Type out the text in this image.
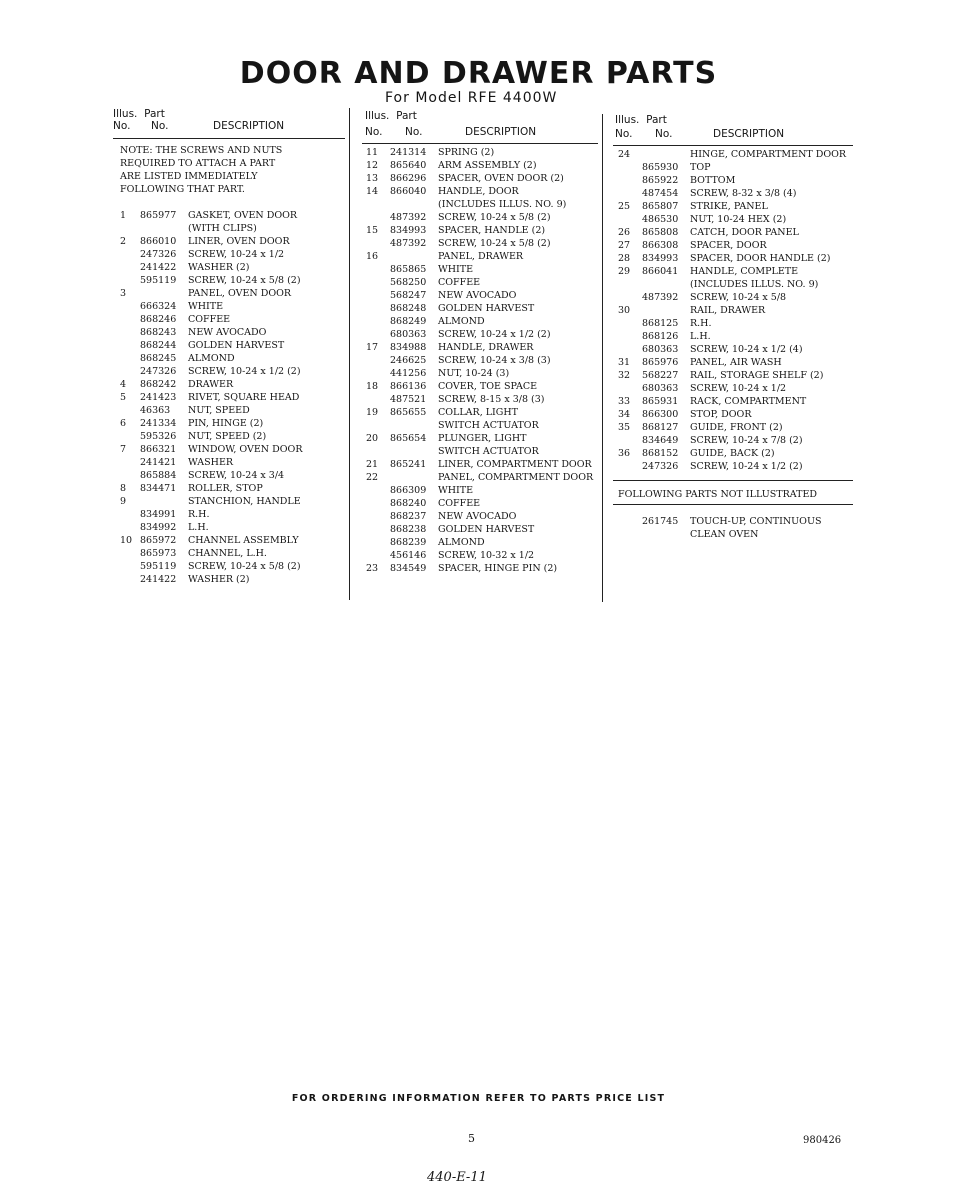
DOOR AND DRAWER PARTS
For Model RFE 4400W
Illus. Part
No. No.	DESCRIPTION
NOTE: THE SCREWS AND NUTS
REQUIRED TO ATTACH A PART
ARE LISTED IMMEDIATELY
FOLLOWING THAT PART.
1 865977 GASKET, OVEN DOOR
(WITH CLIPS)
2 866010 LINER, OVEN DOOR
247326 SCREW, 10-24 x 1/2
241422 WASHER (2)
595119 SCREW, 10-24 x 5/8 (2)
3	PANEL, OVEN DOOR
666324 WHITE
868246 COFFEE
868243 NEW AVOCADO
868244 GOLDEN HARVEST
868245 ALMOND
247326 SCREW, 10-24 x 1/2 (2)
4 868242 DRAWER
5 241423 RIVET, SQUARE HEAD
46363 NUT, SPEED
6 241334 PIN, HINGE (2)
595326 NUT, SPEED (2)
7 866321 WINDOW, OVEN DOOR
241421 WASHER
865884 SCREW, 10-24 x 3/4
8 834471 ROLLER, STOP
9	STANCHION, HANDLE
834991 R.H.
834992 L.H.
10 865972 CHANNEL ASSEMBLY
865973 CHANNEL, L.H.
595119 SCREW, 10-24 x 5/8 (2)
241422 WASHER (2)
Illus. Part
No. No.	DESCRIPTION
11 241314 SPRING (2)
12 865640 ARM ASSEMBLY (2)
13 866296 SPACER, OVEN DOOR (2)
14 866040 HANDLE, DOOR
(INCLUDES ILLUS. NO. 9)
487392 SCREW, 10-24 x 5/8 (2)
15 834993 SPACER, HANDLE (2)
487392 SCREW, 10-24 x 5/8 (2)
16	PANEL, DRAWER
865865 WHITE
568250 COFFEE
568247 NEW AVOCADO
868248 GOLDEN HARVEST
868249 ALMOND
680363 SCREW, 10-24 x 1/2 (2)
17 834988 HANDLE, DRAWER
246625 SCREW, 10-24 x 3/8 (3)
441256 NUT, 10-24 (3)
18 866136 COVER, TOE SPACE
487521 SCREW, 8-15 x 3/8 (3)
19 865655 COLLAR, LIGHT
SWITCH ACTUATOR
20 865654 PLUNGER, LIGHT
SWITCH ACTUATOR
21 865241 LINER, COMPARTMENT DOOR
22	PANEL, COMPARTMENT DOOR
866309 WHITE
868240 COFFEE
868237 NEW AVOCADO
868238 GOLDEN HARVEST
868239 ALMOND
456146 SCREW, 10-32 x 1/2
23 834549 SPACER, HINGE PIN (2)
Illus. Part
No. No.	DESCRIPTION
24	HINGE, COMPARTMENT DOOR
865930 TOP
865922 BOTTOM
487454 SCREW, 8-32 x 3/8 (4)
25 865807 STRIKE, PANEL
486530 NUT, 10-24 HEX (2)
26 865808 CATCH, DOOR PANEL
27 866308 SPACER, DOOR
28 834993 SPACER, DOOR HANDLE (2)
29 866041 HANDLE, COMPLETE
(INCLUDES ILLUS. NO. 9)
487392 SCREW, 10-24 x 5/8
30	RAIL, DRAWER
868125 R.H.
868126 L.H.
680363 SCREW, 10-24 x 1/2 (4)
31 865976 PANEL, AIR WASH
32 568227 RAIL, STORAGE SHELF (2)
680363 SCREW, 10-24 x 1/2
33 865931 RACK, COMPARTMENT
34 866300 STOP, DOOR
35 868127 GUIDE, FRONT (2)
834649 SCREW, 10-24 x 7/8 (2)
36 868152 GUIDE, BACK (2)
247326 SCREW, 10-24 x 1/2 (2)
FOLLOWING PARTS NOT ILLUSTRATED
261745 TOUCH-UP, CONTINUOUS
CLEAN OVEN
FOR ORDERING INFORMATION REFER TO PARTS PRICE LIST
5	980426
440-E-11
